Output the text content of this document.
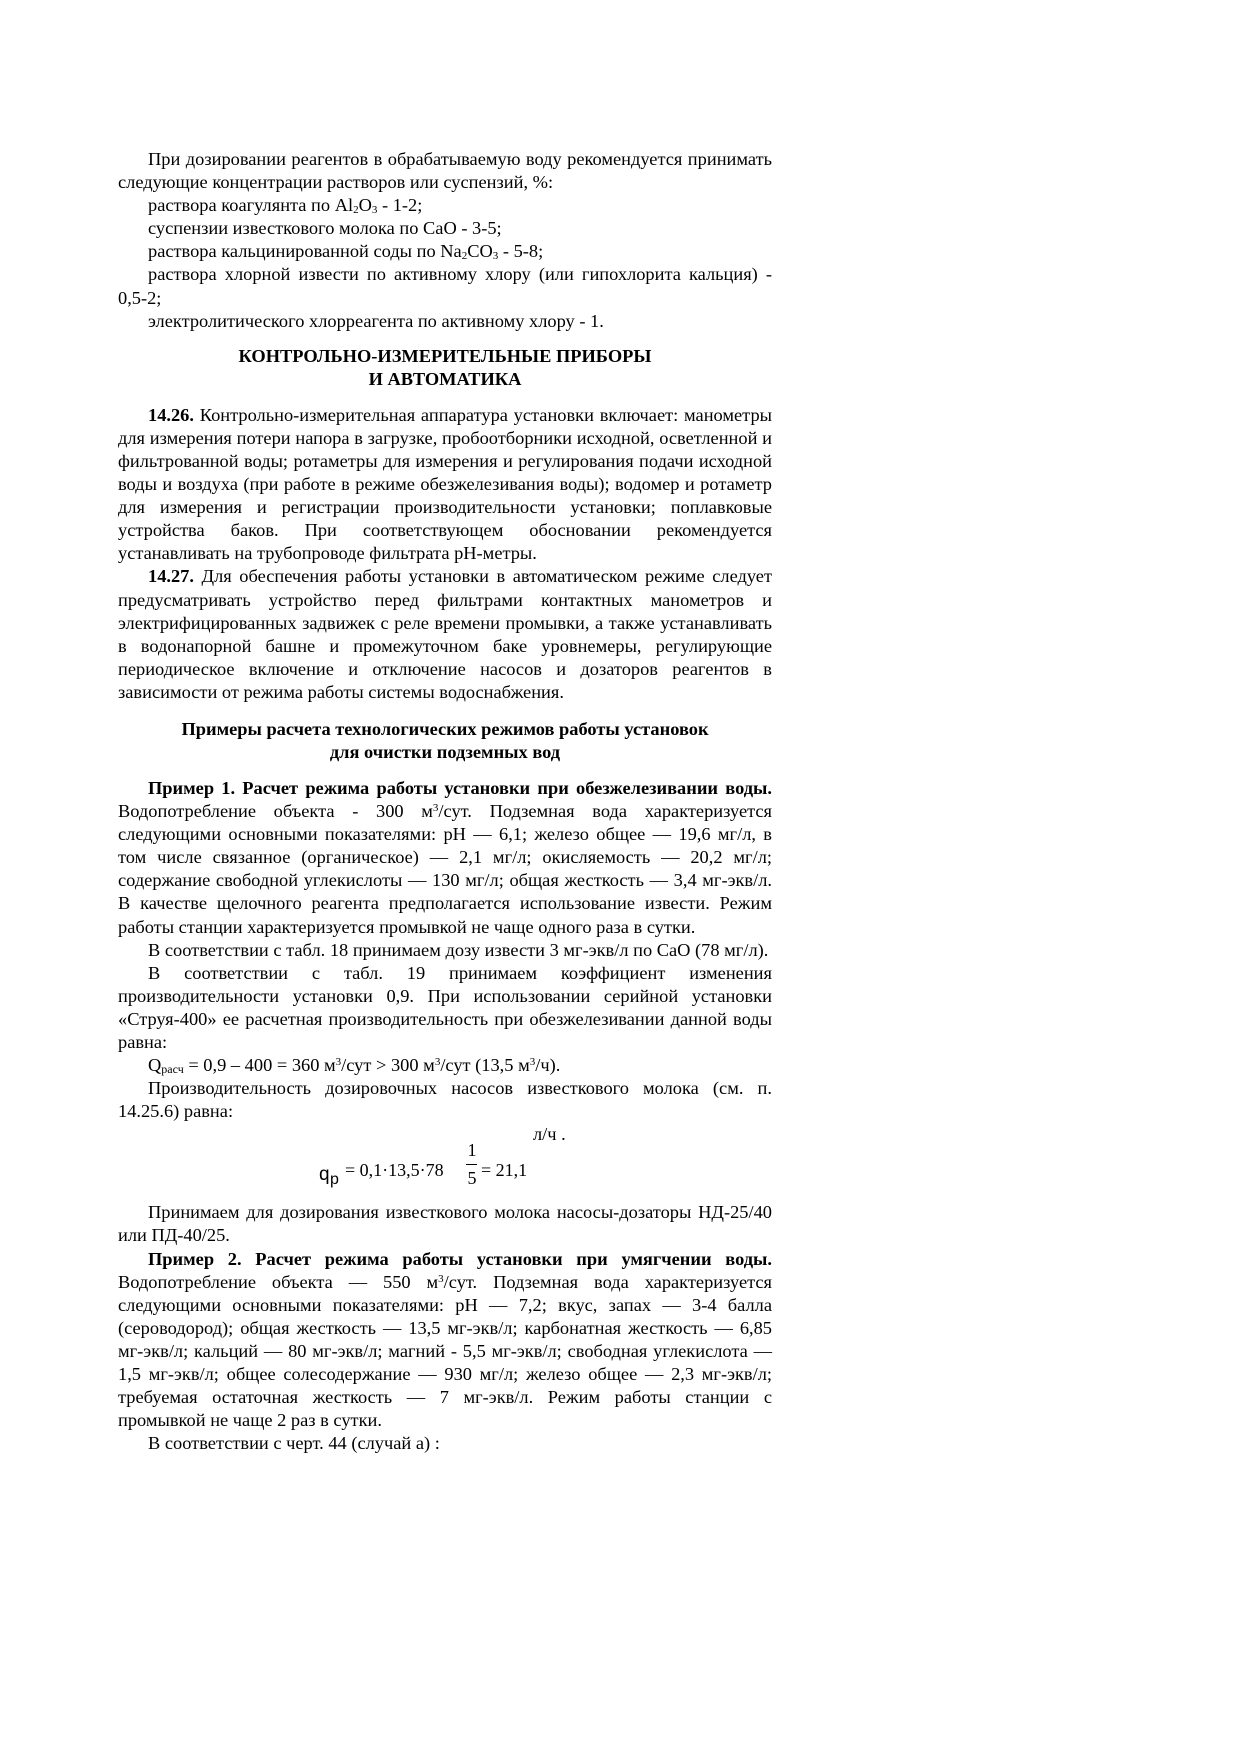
При дозировании реагентов в обрабатываемую воду рекомендуется принимать следующие концентрации растворов или суспензий, %:

раствора коагулянта по $Al_2O_3 - 1-2$;

суспензии известкового молока по CaO - 3-5;

раствора кальцинированной соды по $Na_2CO_3 - 5-8$;

раствора хлорной извести по активному хлору (или гипохлорита кальция) - 0,5-2;

электролитического хлорреагента по активному хлору - 1.

КОНТРОЛЬНО-ИЗМЕРИТЕЛЬНЫЕ ПРИБОРЫ
И АВТОМАТИКА

14.26. Контрольно-измерительная аппаратура установки включает: манометры для измерения потери напора в загрузке, пробоотборники исходной, осветленной и фильтрованной воды; ротаметры для измерения и регулирования подачи исходной воды и воздуха (при работе в режиме обезжелезивания воды); водомер и ротаметр для измерения и регистрации производительности установки; поплавковые устройства баков. При соответствующем обосновании рекомендуется устанавливать на трубопроводе фильтрата pH-метры.

14.27. Для обеспечения работы установки в автоматическом режиме следует предусматривать устройство перед фильтрами контактных манометров и электрифицированных задвижек с реле времени промывки, а также устанавливать в водонапорной башне и промежуточном баке уровнемеры, регулирующие периодическое включение и отключение насосов и дозаторов реагентов в зависимости от режима работы системы водоснабжения.

Примеры расчета технологических режимов работы установок
для очистки подземных вод

Пример 1. Расчет режима работы установки при обезжелезивании воды. Водопотребление объекта - 300 $м^3$/сут. Подземная вода характеризуется следующими основными показателями: pH — 6,1; железо общее — 19,6 мг/л, в том числе связанное (органическое) — 2,1 мг/л; окисляемость — 20,2 мг/л; содержание свободной углекислоты — 130 мг/л; общая жесткость — 3,4 мг-экв/л. В качестве щелочного реагента предполагается использование извести. Режим работы станции характеризуется промывкой не чаще одного раза в сутки.

В соответствии с табл. 18 принимаем дозу извести 3 мг-экв/л по CaO (78 мг/л).

В соответствии с табл. 19 принимаем коэффициент изменения производительности установки 0,9. При использовании серийной установки «Струя-400» ее расчетная производительность при обезжелезивании данной воды равна:

Qрасч = 0,9 – 400 = 360 $м^3$/сут > 300 $м^3$/сут (13,5 $м^3/ч$).

Производительность дозировочных насосов известкового молока (см. п. 14.25.6) равна:

л/ч .
q p = 0,1·13,5·78
1
5 = 21,1

Принимаем для дозирования известкового молока насосы-дозаторы НД-25/40 или ПД-40/25.

Пример 2. Расчет режима работы установки при умягчении воды. Водопотребление объекта — 550 $м^3$/сут. Подземная вода характеризуется следующими основными показателями: pH — 7,2; вкус, запах — 3-4 балла (сероводород); общая жесткость — 13,5 мг-экв/л; карбонатная жесткость — 6,85 мг-экв/л; кальций — 80 мг-экв/л; магний - 5,5 мг-экв/л; свободная углекислота — 1,5 мг-экв/л; общее солесодержание — 930 мг/л; железо общее — 2,3 мг-экв/л; требуемая остаточная жесткость — 7 мг-экв/л. Режим работы станции с промывкой не чаще 2 раз в сутки.

В соответствии с черт. 44 (случай а) :
